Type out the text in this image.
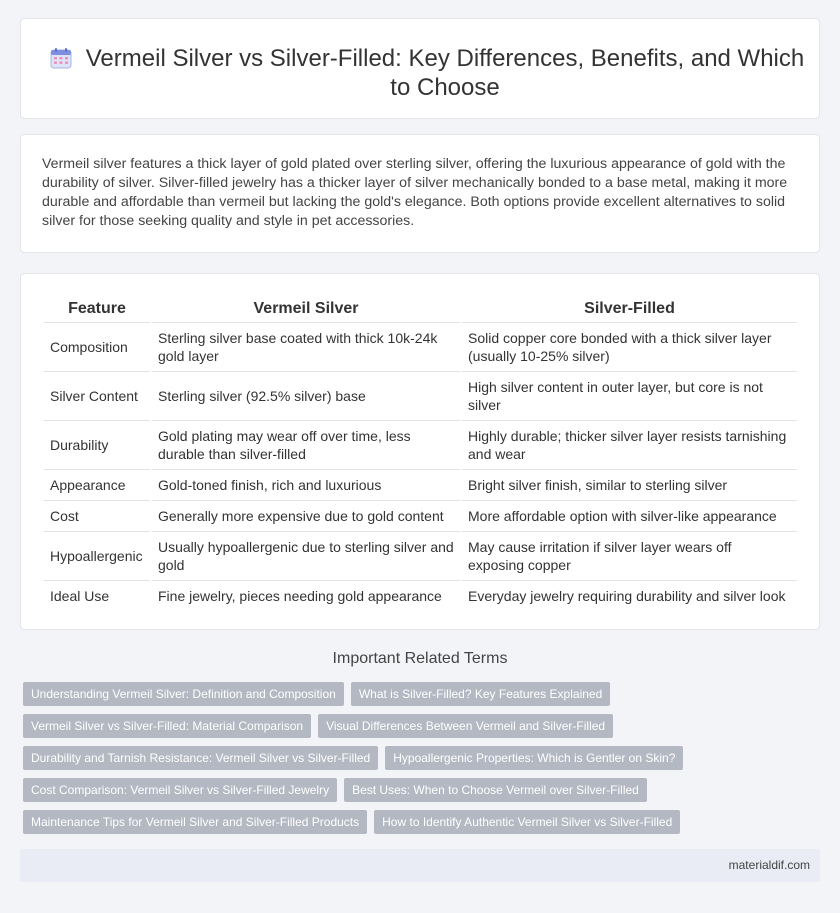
Vermeil Silver vs Silver-Filled: Key Differences, Benefits, and Which to Choose

Vermeil silver features a thick layer of gold plated over sterling silver, offering the luxurious appearance of gold with the durability of silver. Silver-filled jewelry has a thicker layer of silver mechanically bonded to a base metal, making it more durable and affordable than vermeil but lacking the gold's elegance. Both options provide excellent alternatives to solid silver for those seeking quality and style in pet accessories.

Feature	Vermeil Silver	Silver-Filled
Composition	Sterling silver base coated with thick 10k-24k gold layer	Solid copper core bonded with a thick silver layer (usually 10-25% silver)
Silver Content	Sterling silver (92.5% silver) base	High silver content in outer layer, but core is not silver
Durability	Gold plating may wear off over time, less durable than silver-filled	Highly durable; thicker silver layer resists tarnishing and wear
Appearance	Gold-toned finish, rich and luxurious	Bright silver finish, similar to sterling silver
Cost	Generally more expensive due to gold content	More affordable option with silver-like appearance
Hypoallergenic	Usually hypoallergenic due to sterling silver and gold	May cause irritation if silver layer wears off exposing copper
Ideal Use	Fine jewelry, pieces needing gold appearance	Everyday jewelry requiring durability and silver look
Important Related Terms
Understanding Vermeil Silver: Definition and Composition What is Silver-Filled? Key Features Explained
Vermeil Silver vs Silver-Filled: Material Comparison Visual Differences Between Vermeil and Silver-Filled
Durability and Tarnish Resistance: Vermeil Silver vs Silver-Filled Hypoallergenic Properties: Which is Gentler on Skin?
Cost Comparison: Vermeil Silver vs Silver-Filled Jewelry Best Uses: When to Choose Vermeil over Silver-Filled
Maintenance Tips for Vermeil Silver and Silver-Filled Products How to Identify Authentic Vermeil Silver vs Silver-Filled
materialdif.com
